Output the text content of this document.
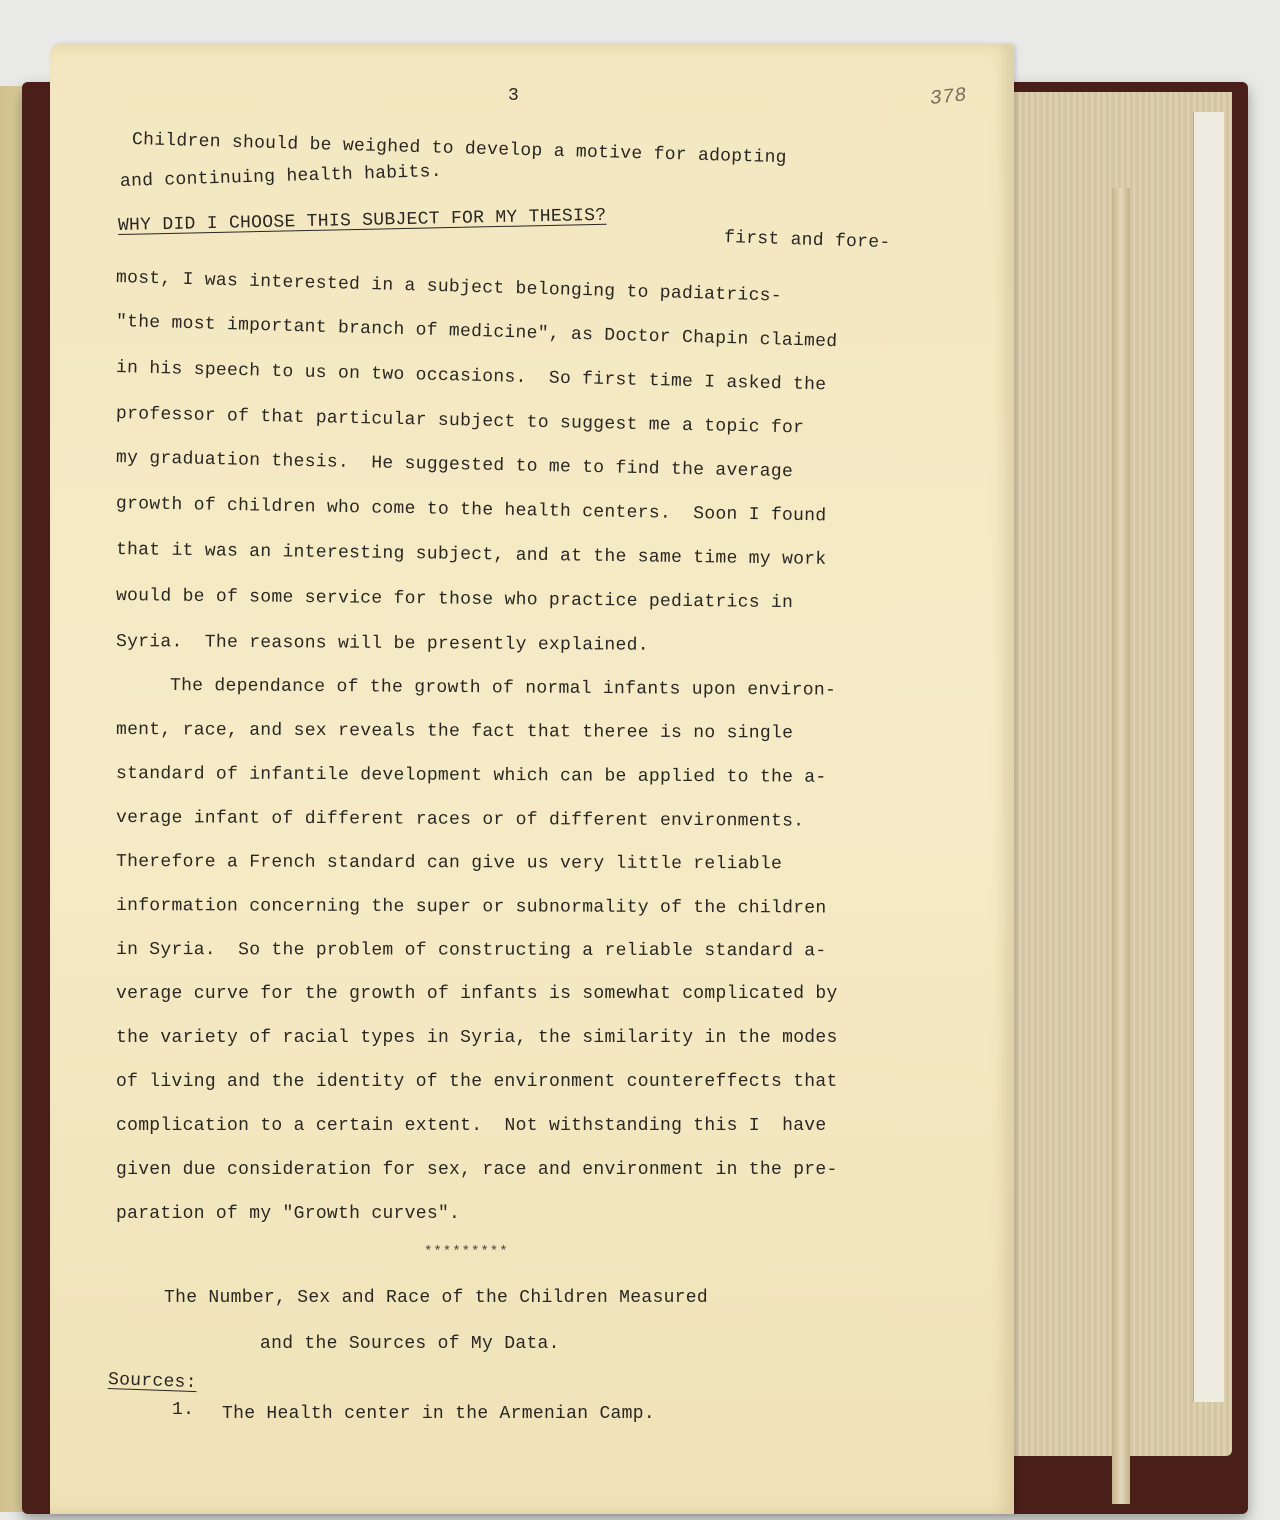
3	378
Children should be weighed to develop a motive for adopting
and continuing health habits.
WHY DID I CHOOSE THIS SUBJECT FOR MY THESIS?
first and fore-
most, I was interested in a subject belonging to padiatrics-
"the most important branch of medicine", as Doctor Chapin claimed
in his speech to us on two occasions.  So first time I asked the
professor of that particular subject to suggest me a topic for
my graduation thesis.  He suggested to me to find the average
growth of children who come to the health centers.  Soon I found
that it was an interesting subject, and at the same time my work
would be of some service for those who practice pediatrics in
Syria.  The reasons will be presently explained.
The dependance of the growth of normal infants upon environ-
ment, race, and sex reveals the fact that theree is no single
standard of infantile development which can be applied to the a-
verage infant of different races or of different environments.
Therefore a French standard can give us very little reliable
information concerning the super or subnormality of the children
in Syria.  So the problem of constructing a reliable standard a-
verage curve for the growth of infants is somewhat complicated by
the variety of racial types in Syria, the similarity in the modes
of living and the identity of the environment countereffects that
complication to a certain extent.  Not withstanding this I  have
given due consideration for sex, race and environment in the pre-
paration of my "Growth curves".
*********
The Number, Sex and Race of the Children Measured
and the Sources of My Data.
Sources:
1. The Health center in the Armenian Camp.
